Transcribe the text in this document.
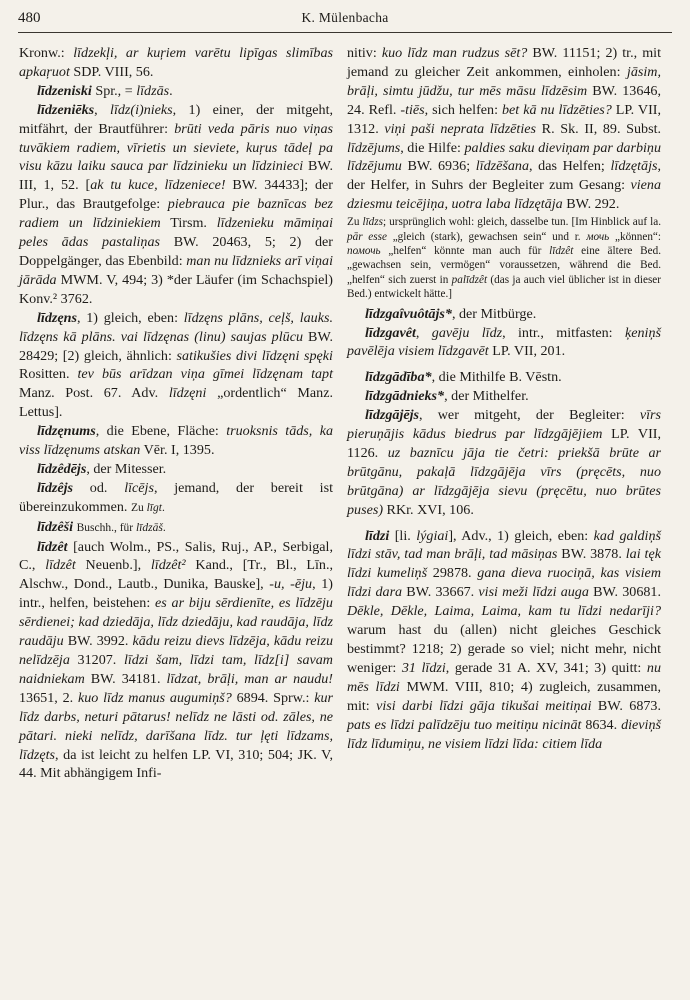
480	K. Mülenbacha

Kronw.: līdzekļi, ar kuŗiem varētu lipīgas slimības apkaŗuot SDP. VIII, 56.

līdzeniski Spr., = līdzās.

līdzeniēks, līdz(i)nieks, 1) einer, der mitgeht, mitfährt, der Brautführer: brūti veda pāris nuo viņas tuvākiem radiem, vīrietis un sieviete, kuŗus tādeļ pa visu kāzu laiku sauca par līdzinieku un līdzinieci BW. III, 1, 52. [ak tu kuce, līdzeniece! BW. 34433]; der Plur., das Brautgefolge: piebrauca pie baznīcas bez radiem un līdziniekiem Tirsm. līdzenieku māmiņai peles ādas pastaliņas BW. 20463, 5; 2) der Doppelgänger, das Ebenbild: man nu līdznieks arī viņai jārāda MWM. V, 494; 3) *der Läufer (im Schachspiel) Konv.² 3762.

līdzęns, 1) gleich, eben: līdzęns plāns, ceļš, lauks. līdzęns kā plāns. vai līdzęnas (linu) saujas plūcu BW. 28429; [2) gleich, ähnlich: satikušies divi līdzęni spęki Rositten. tev būs arīdzan viņa gīmei līdzęnam tapt Manz. Post. 67. Adv. līdzęni „ordentlich“ Manz. Lettus].

līdzęnums, die Ebene, Fläche: truoksnis tāds, ka viss līdzęnums atskan Vēr. I, 1395.

līdzêdējs, der Mitesser.

līdzêjs od. līcējs, jemand, der bereit ist übereinzukommen. Zu līgt.

līdzêši Buschh., für līdzāš.

līdzêt [auch Wolm., PS., Salis, Ruj., AP., Serbigal, C., līdzêt Neuenb.], līdzêt² Kand., [Tr., Bl., Līn., Alschw., Dond., Lautb., Dunika, Bauske], -u, -ēju, 1) intr., helfen, beistehen: es ar biju sērdienīte, es līdzēju sērdienei; kad dziedāja, līdz dziedāju, kad raudāja, līdz raudāju BW. 3992. kādu reizu dievs līdzēja, kādu reizu nelīdzēja 31207. līdzi šam, līdzi tam, līdz[i] savam naidniekam BW. 34181. līdzat, brāļi, man ar naudu! 13651, 2. kuo līdz manus augumiņš? 6894. Sprw.: kur līdz darbs, neturi pātarus! nelīdz ne lāsti od. zāles, ne pātari. nieki nelīdz, darīšana līdz. tur ļęti līdzams, līdzęts, da ist leicht zu helfen LP. VI, 310; 504; JK. V, 44. Mit abhängigem Infi-

nitiv: kuo līdz man rudzus sēt? BW. 11151; 2) tr., mit jemand zu gleicher Zeit ankommen, einholen: jāsim, brāļi, simtu jūdžu, tur mēs māsu līdzēsim BW. 13646, 24. Refl. -tiēs, sich helfen: bet kā nu līdzēties? LP. VII, 1312. viņi paši neprata līdzēties R. Sk. II, 89. Subst. līdzējums, die Hilfe: paldies saku dieviņam par darbiņu līdzējumu BW. 6936; līdzēšana, das Helfen; līdzętājs, der Helfer, in Suhrs der Begleiter zum Gesang: viena dziesmu teicējiņa, uotra laba līdzętāja BW. 292.

Zu līdzs; ursprünglich wohl: gleich, dasselbe tun. [Im Hinblick auf la. pār esse „gleich (stark), gewachsen sein“ und r. мочь „können“: помочь „helfen“ könnte man auch für līdzêt eine ältere Bed. „gewachsen sein, vermögen“ voraussetzen, während die Bed. „helfen“ sich zuerst in palīdzêt (das ja auch viel üblicher ist in dieser Bed.) entwickelt hätte.]

līdzgaîvuôtājs*, der Mitbürge.

līdzgavêt, gavēju līdz, intr., mitfasten: ķeniņš pavēlēja visiem līdzgavēt LP. VII, 201.

līdzgādība*, die Mithilfe B. Vēstn.

līdzgādnieks*, der Mithelfer.

līdzgājējs, wer mitgeht, der Begleiter: vīrs pieruņājis kādus biedrus par līdzgājējiem LP. VII, 1126. uz baznīcu jāja tie četri: priekšā brūte ar brūtgānu, pakaļā līdzgājēja vīrs (pręcēts, nuo brūtgāna) ar līdzgājēja sievu (pręcētu, nuo brūtes puses) RKr. XVI, 106.

līdzi [li. lýgiai], Adv., 1) gleich, eben: kad galdiņš līdzi stāv, tad man brāļi, tad māsiņas BW. 3878. lai tęk līdzi kumeliņš 29878. gana dieva ruociņā, kas visiem līdzi dara BW. 33667. visi meži līdzi auga BW. 30681. Dēkle, Dēkle, Laima, Laima, kam tu līdzi nedarīji? warum hast du (allen) nicht gleiches Geschick bestimmt? 1218; 2) gerade so viel; nicht mehr, nicht weniger: 31 līdzi, gerade 31 A. XV, 341; 3) quitt: nu mēs līdzi MWM. VIII, 810; 4) zugleich, zusammen, mit: visi darbi līdzi gāja tikušai meitiņai BW. 6873. pats es līdzi palīdzēju tuo meitiņu nicināt 8634. dieviņš līdz līdumiņu, ne visiem līdzi līda: citiem līda
